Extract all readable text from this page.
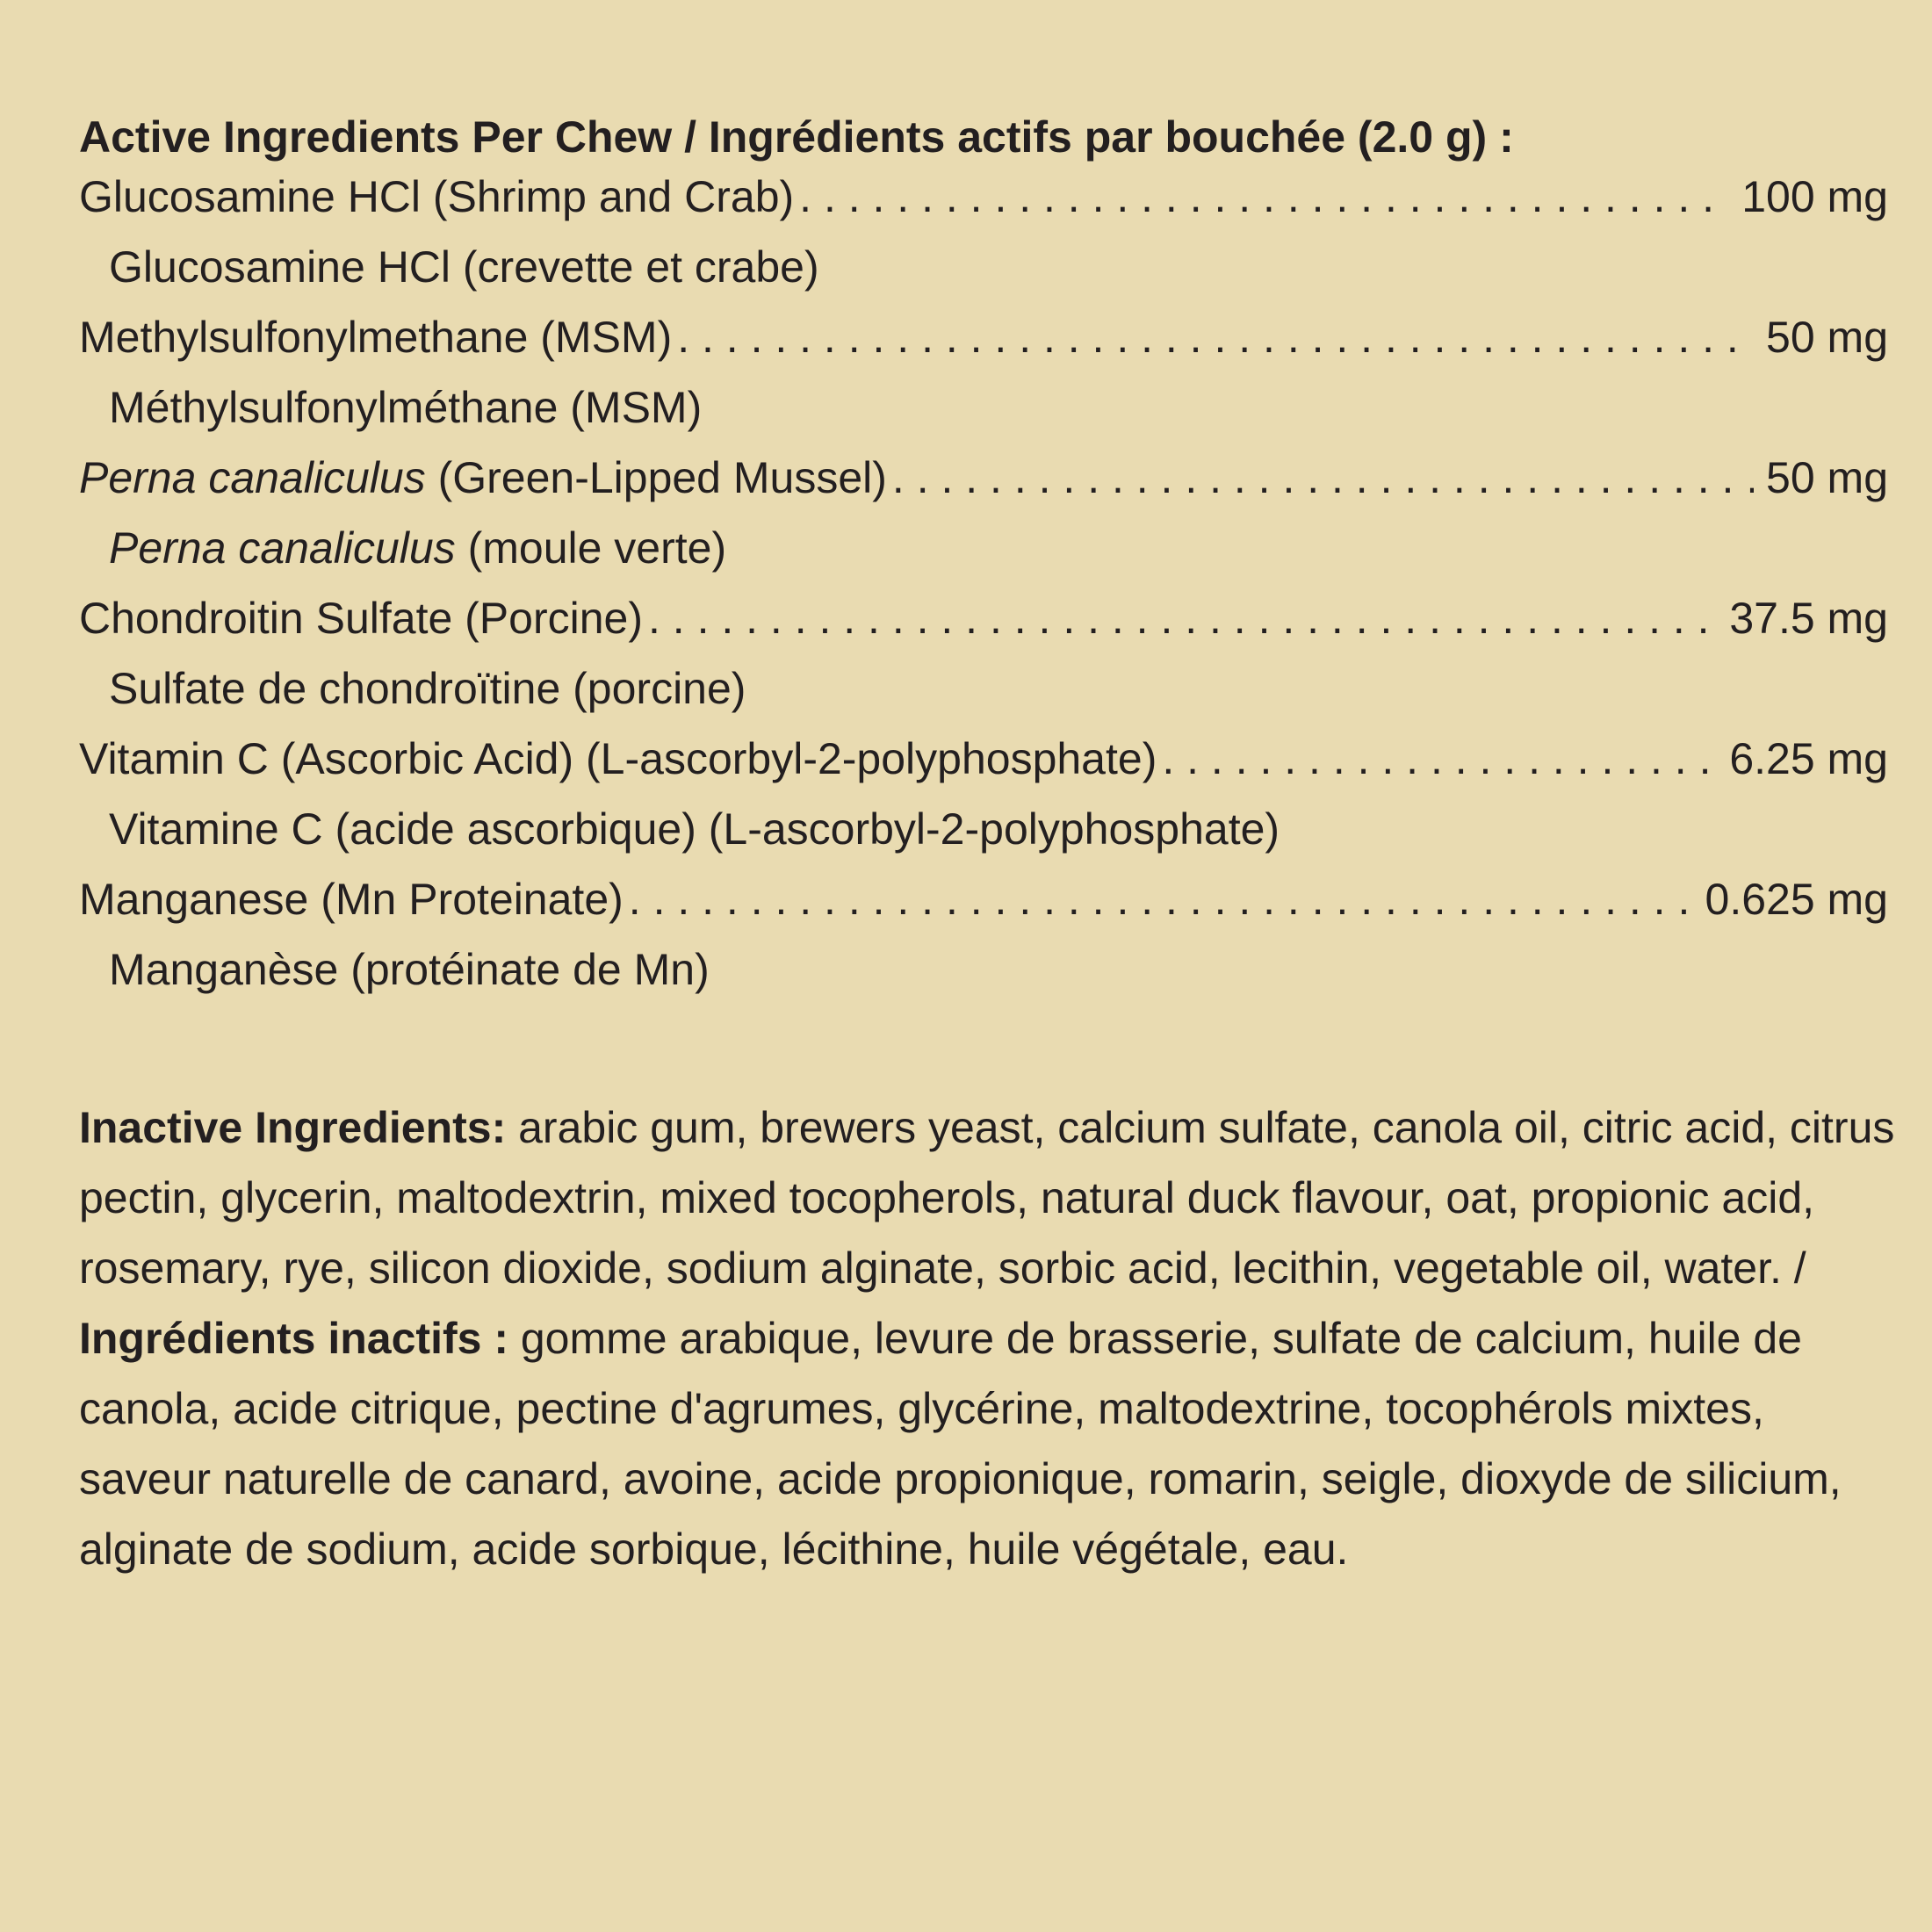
Active Ingredients Per Chew / Ingrédients actifs par bouchée (2.0 g) :
Glucosamine HCl (Shrimp and Crab) . . .	100 mg
Glucosamine HCl (crevette et crabe)
Methylsulfonylmethane (MSM) . . .	50 mg
Méthylsulfonylméthane (MSM)
Perna canaliculus (Green-Lipped Mussel) . . .	50 mg
Perna canaliculus (moule verte)
Chondroitin Sulfate (Porcine) . . .	37.5 mg
Sulfate de chondroïtine (porcine)
Vitamin C (Ascorbic Acid) (L-ascorbyl-2-polyphosphate) . . .	6.25 mg
Vitamine C (acide ascorbique) (L-ascorbyl-2-polyphosphate)
Manganese (Mn Proteinate) . . .	0.625 mg
Manganèse (protéinate de Mn)
Inactive Ingredients: arabic gum, brewers yeast, calcium sulfate, canola oil, citric acid, citrus pectin, glycerin, maltodextrin, mixed tocopherols, natural duck flavour, oat, propionic acid, rosemary, rye, silicon dioxide, sodium alginate, sorbic acid, lecithin, vegetable oil, water. / Ingrédients inactifs : gomme arabique, levure de brasserie, sulfate de calcium, huile de canola, acide citrique, pectine d'agrumes, glycérine, maltodextrine, tocophérols mixtes, saveur naturelle de canard, avoine, acide propionique, romarin, seigle, dioxyde de silicium, alginate de sodium, acide sorbique, lécithine, huile végétale, eau.
